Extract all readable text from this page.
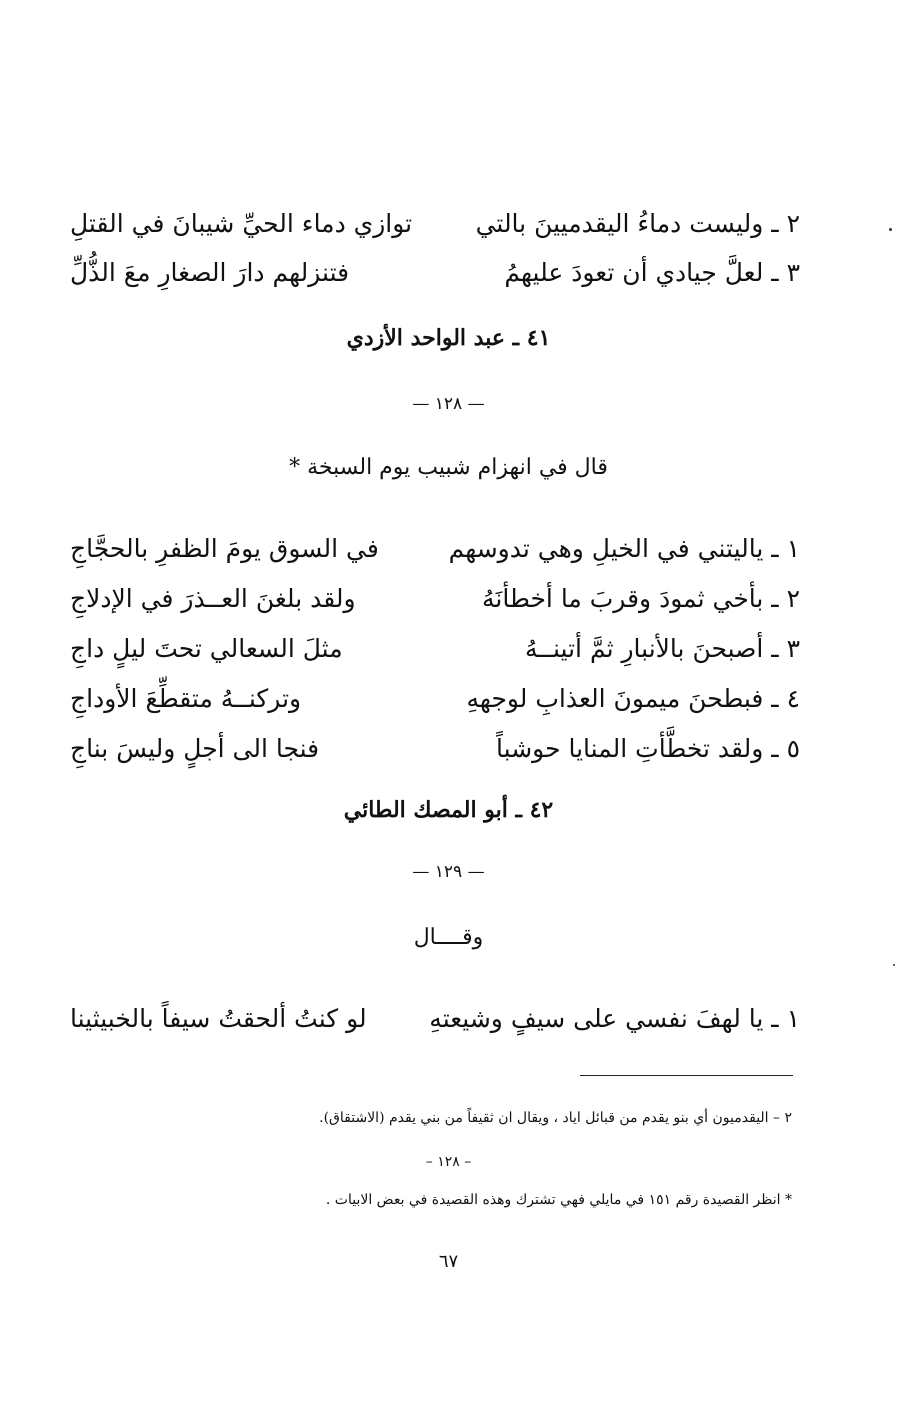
٢ ـ وليست دماءُ اليقدميينَ بالتي
توازي دماء الحيِّ شيبانَ في القتلِ
٣ ـ لعلَّ جيادي أن تعودَ عليهمُ
فتنزلهم دارَ الصغارِ معَ الذُّلِّ
٤١ ـ عبد الواحد الأزدي
— ١٢٨ —
قال في انهزام شبيب يوم السبخة *
١ ـ ياليتني في الخيلِ وهي تدوسهم
في السوق يومَ الظفرِ بالحجَّاجِ
٢ ـ بأخي ثمودَ وقربَ ما أخطأنَهُ
ولقد بلغنَ العــذرَ في الإدلاجِ
٣ ـ أصبحنَ بالأنبارِ ثمَّ أتينــهُ
مثلَ السعالي تحتَ ليلٍ داجِ
٤ ـ فبطحنَ ميمونَ العذابِ لوجههِ
وتركنــهُ متقطِّعَ الأوداجِ
٥ ـ ولقد تخطَّأتِ المنايا حوشباً
فنجا الى أجلٍ وليسَ بناجِ
٤٢ ـ أبو المصك الطائي
— ١٢٩ —
وقــــال
١ ـ يا لهفَ نفسي على سيفٍ وشيعتهِ
لو كنتُ ألحقتُ سيفاً بالخبيثينا
٢ – اليقدميون أي بنو يقدم من قبائل اياد ، ويقال ان ثقيفاً من بني يقدم (الاشتقاق).
– ١٢٨ –
* انظر القصيدة رقم ١٥١ في مايلي فهي تشترك وهذه القصيدة في بعض الابيات .
٦٧
